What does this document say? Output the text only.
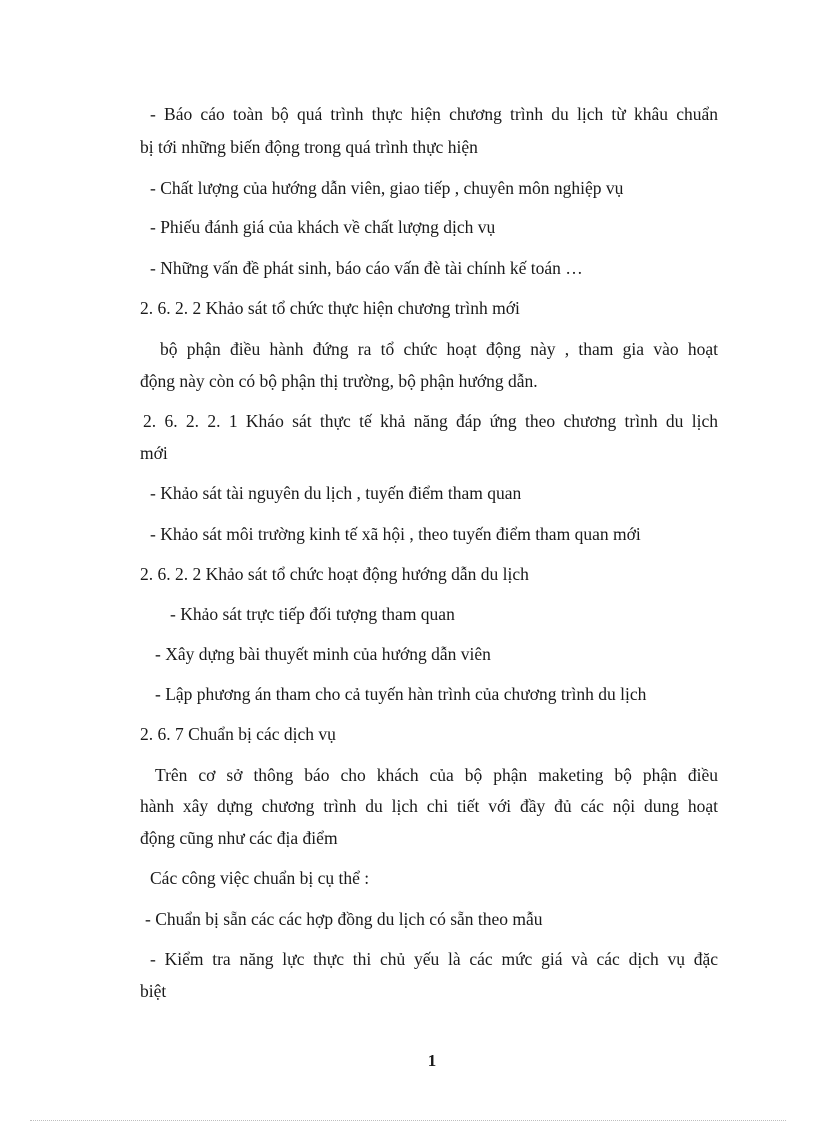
- Báo cáo toàn bộ quá trình thực hiện chương trình du lịch từ khâu chuẩn
bị tới những biến động trong quá trình thực hiện
- Chất lượng của hướng dẫn viên, giao tiếp , chuyên môn nghiệp vụ
- Phiếu đánh giá của khách về chất lượng dịch vụ
- Những vấn đề phát sinh, báo cáo vấn đè tài chính kế toán …
2. 6. 2. 2 Khảo sát tổ chức thực hiện chương trình mới
bộ phận điều hành đứng ra tổ chức hoạt động này , tham gia vào hoạt
động này còn có bộ phận thị trường, bộ phận hướng dẫn.
2. 6. 2. 2. 1 Kháo sát thực tế khả năng đáp ứng theo chương trình du lịch
mới
- Khảo sát tài nguyên du lịch , tuyến điểm tham quan
- Khảo sát môi trường kinh tế xã hội , theo tuyến điểm tham quan mới
2. 6. 2. 2 Khảo sát tổ chức hoạt động hướng dẫn du lịch
- Khảo sát trực tiếp đối tượng tham quan
- Xây dựng bài thuyết minh của hướng dẫn viên
- Lập phương án tham cho cả tuyến hàn trình của chương trình du lịch
2. 6. 7 Chuẩn bị các dịch vụ
Trên cơ sở thông báo cho khách của bộ phận maketing bộ phận điều
hành xây dựng chương trình du lịch chi tiết với đầy đủ các nội dung hoạt
động cũng như các địa điểm
Các công việc chuẩn bị cụ thể :
- Chuẩn bị sẵn các các hợp đồng du lịch có sẵn theo mẫu
- Kiểm tra năng lực thực thi chủ yếu là các mức giá và các dịch vụ đặc
biệt
1
